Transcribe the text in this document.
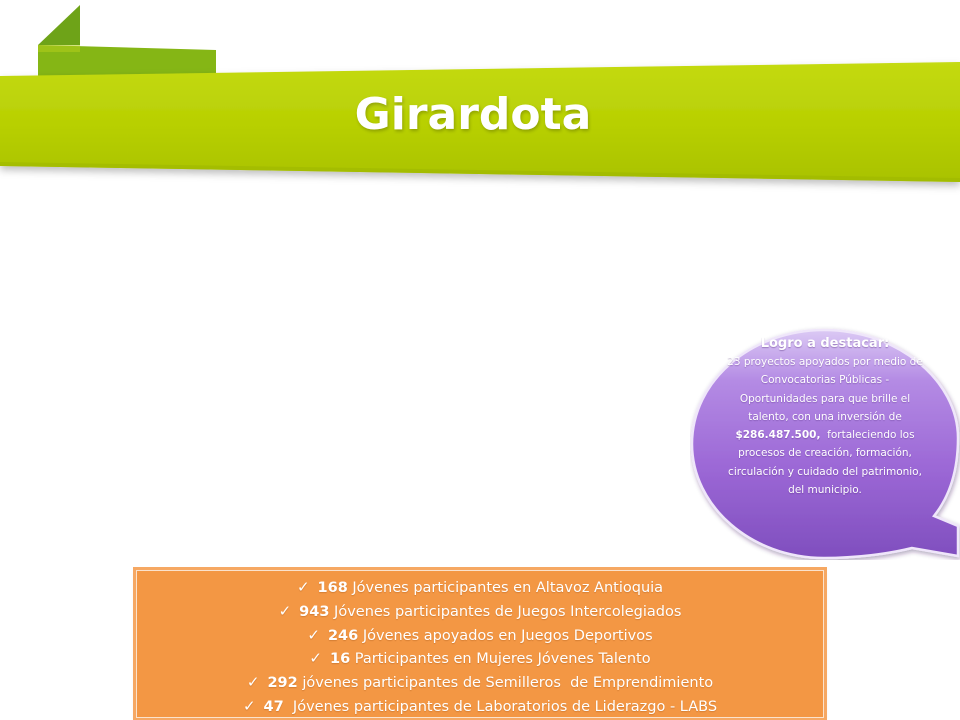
Girardota
Logro a destacar:
23 proyectos apoyados por medio de
Convocatorias Públicas -
Oportunidades para que brille el
talento, con una inversión de
$286.487.500,  fortaleciendo los
procesos de creación, formación,
circulación y cuidado del patrimonio,
del municipio.
✓ 168 Jóvenes participantes en Altavoz Antioquia
✓ 943 Jóvenes participantes de Juegos Intercolegiados
✓ 246 Jóvenes apoyados en Juegos Deportivos
✓ 16 Participantes en Mujeres Jóvenes Talento
✓ 292 jóvenes participantes de Semilleros  de Emprendimiento
✓ 47  Jóvenes participantes de Laboratorios de Liderazgo - LABS
